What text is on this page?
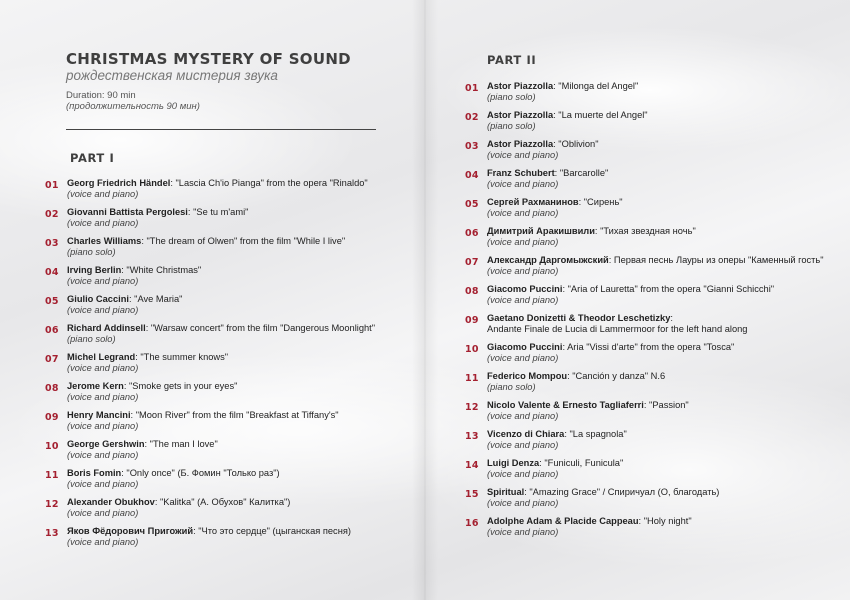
CHRISTMAS MYSTERY OF SOUND
рождественская мистерия звука
Duration: 90 min
(продолжительность 90 мин)
PART I
01 Georg Friedrich Händel: "Lascia Ch'io Pianga" from the opera "Rinaldo"
(voice and piano)
02 Giovanni Battista Pergolesi: "Se tu m'ami"
(voice and piano)
03 Charles Williams: "The dream of Olwen" from the film "While I live"
(piano solo)
04 Irving Berlin: "White Christmas"
(voice and piano)
05 Giulio Caccini: "Ave Maria"
(voice and piano)
06 Richard Addinsell: "Warsaw concert" from the film "Dangerous Moonlight"
(piano solo)
07 Michel Legrand: "The summer knows"
(voice and piano)
08 Jerome Kern: "Smoke gets in your eyes"
(voice and piano)
09 Henry Mancini: "Moon River" from the film "Breakfast at Tiffany's"
(voice and piano)
10 George Gershwin: "The man I love"
(voice and piano)
11 Boris Fomin: "Only once" (Б. Фомин "Только раз")
(voice and piano)
12 Alexander Obukhov: "Kalitka" (А. Обухов" Калитка")
(voice and piano)
13 Яков Фёдорович Пригожий: "Что это сердце" (цыганская песня)
(voice and piano)
PART II
01 Astor Piazzolla: "Milonga del Angel"
(piano solo)
02 Astor Piazzolla: "La muerte del Angel"
(piano solo)
03 Astor Piazzolla: "Oblivion"
(voice and piano)
04 Franz Schubert: "Barcarolle"
(voice and piano)
05 Сергей Рахманинов: "Сирень"
(voice and piano)
06 Димитрий Аракишвили: "Тихая звездная ночь"
(voice and piano)
07 Александр Даргомыжский: Первая песнь Лауры из оперы "Каменный гость"
(voice and piano)
08 Giacomo Puccini: "Aria of Lauretta" from the opera "Gianni Schicchi"
(voice and piano)
09 Gaetano Donizetti & Theodor Leschetizky:
Andante Finale de Lucia di Lammermoor for the left hand along
10 Giacomo Puccini: Aria "Vissi d'arte" from the opera "Tosca"
(voice and piano)
11 Federico Mompou: "Canción y danza" N.6
(piano solo)
12 Nicolo Valente & Ernesto Tagliaferri: "Passion"
(voice and piano)
13 Vicenzo di Chiara: "La spagnola"
(voice and piano)
14 Luigi Denza: "Funiculi, Funicula"
(voice and piano)
15 Spiritual: "Amazing Grace" / Спиричуал (О, благодать)
(voice and piano)
16 Adolphe Adam & Placide Cappeau: "Holy night"
(voice and piano)
